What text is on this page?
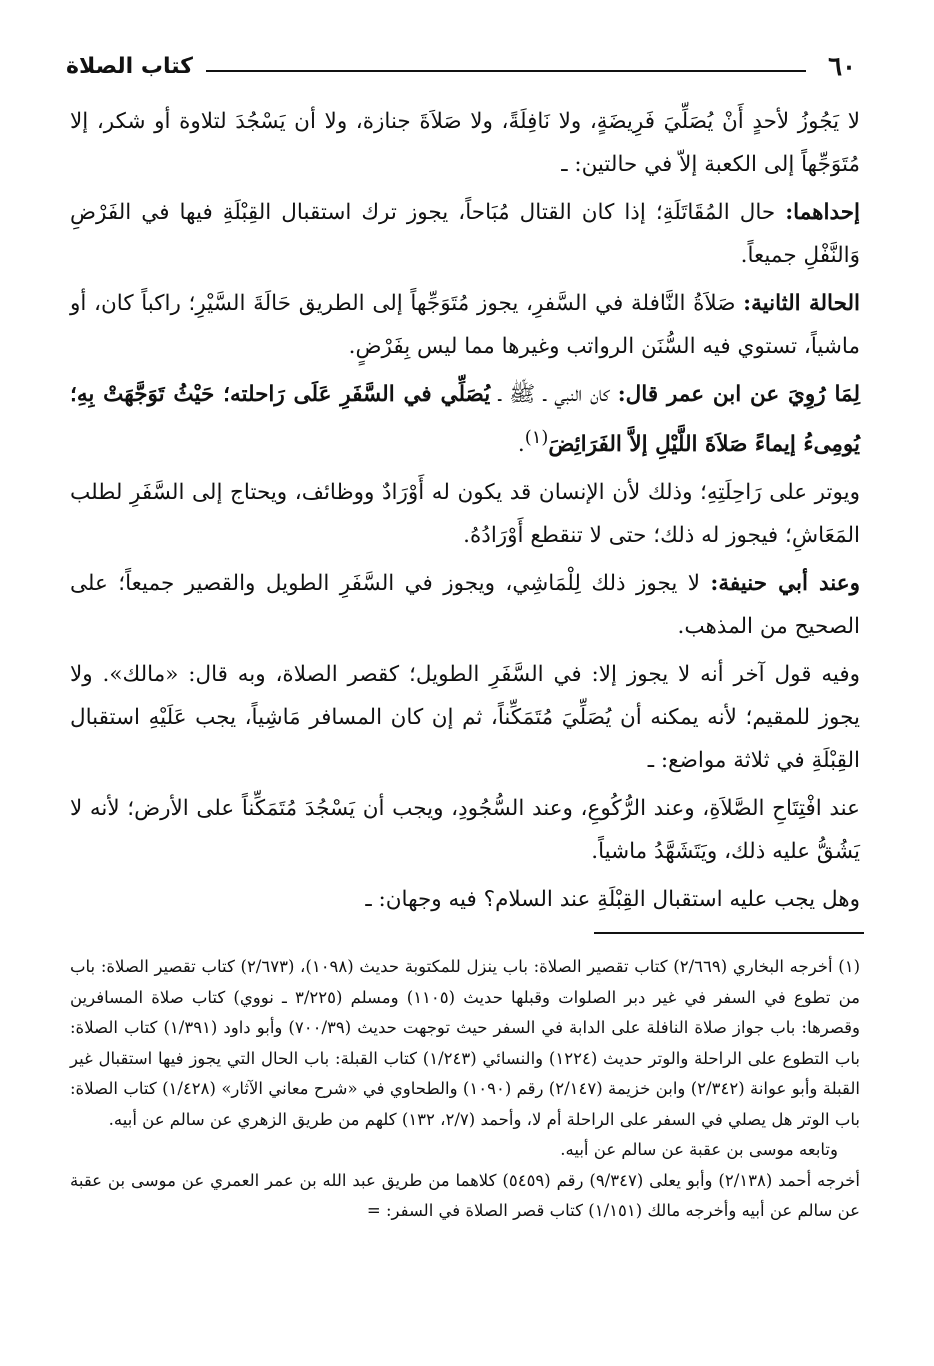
٦٠
كتاب الصلاة

لا يَجُوزُ لأحدٍ أَنْ يُصَلِّيَ فَرِيضَةٍ، ولا نَافِلَةً، ولا صَلاَةَ جنازة، ولا أن يَسْجُدَ لتلاوة أو شكر، إلا مُتَوَجِّهاً إلى الكعبة إلاّ في حالتين: ـ

إحداهما: حال المُقَاتَلَةِ؛ إذا كان القتال مُبَاحاً، يجوز ترك استقبال القِبْلَةِ فيها في الفَرْضِ وَالنَّفْلِ جميعاً.

الحالة الثانية: صَلاَةُ النَّافلة في السَّفرِ، يجوز مُتَوَجِّهاً إلى الطريق حَالَةَ السَّيْرِ؛ راكباً كان، أو ماشياً، تستوي فيه السُّنَن الرواتب وغيرها مما ليس بِفَرْضٍ.

لِمَا رُوِيَ عن ابن عمر قال: كان النبي ـ ﷺ ـ يُصَلِّي في السَّفَرِ عَلَى رَاحلته؛ حَيْثُ تَوَجَّهَتْ بِهِ؛ يُومِىءُ إيماءً صَلاَةَ اللَّيْلِ إلاَّ الفَرَائِضَ$^{(١)}$.

ويوتر على رَاحِلَتِهِ؛ وذلك لأن الإنسان قد يكون له أَوْرَادٌ ووظائف، ويحتاج إلى السَّفَرِ لطلب المَعَاشِ؛ فيجوز له ذلك؛ حتى لا تنقطع أَوْرَادُهُ.

وعند أبي حنيفة: لا يجوز ذلك لِلْمَاشِي، ويجوز في السَّفَرِ الطويل والقصير جميعاً؛ على الصحيح من المذهب.

وفيه قول آخر أنه لا يجوز إلا: في السَّفَرِ الطويل؛ كقصر الصلاة، وبه قال: «مالك». ولا يجوز للمقيم؛ لأنه يمكنه أن يُصَلِّيَ مُتَمَكِّناً، ثم إن كان المسافر مَاشِياً، يجب عَلَيْهِ استقبال القِبْلَةِ في ثلاثة مواضع: ـ

عند افْتِتَاحِ الصَّلاَةِ، وعند الرُّكُوعِ، وعند السُّجُودِ، ويجب أن يَسْجُدَ مُتَمَكِّناً على الأرض؛ لأنه لا يَشُقُّ عليه ذلك، ويَتَشَهَّدُ ماشياً.

وهل يجب عليه استقبال القِبْلَةِ عند السلام؟ فيه وجهان: ـ

(١) أخرجه البخاري (٢/٦٦٩) كتاب تقصير الصلاة: باب ينزل للمكتوبة حديث (١٠٩٨)، (٢/٦٧٣) كتاب تقصير الصلاة: باب من تطوع في السفر في غير دبر الصلوات وقبلها حديث (١١٠٥) ومسلم (٣/٢٢٥ ـ نووي) كتاب صلاة المسافرين وقصرها: باب جواز صلاة النافلة على الدابة في السفر حيث توجهت حديث (٧٠٠/٣٩) وأبو داود (١/٣٩١) كتاب الصلاة: باب التطوع على الراحلة والوتر حديث (١٢٢٤) والنسائي (١/٢٤٣) كتاب القبلة: باب الحال التي يجوز فيها استقبال غير القبلة وأبو عوانة (٢/٣٤٢) وابن خزيمة (٢/١٤٧) رقم (١٠٩٠) والطحاوي في «شرح معاني الآثار» (١/٤٢٨) كتاب الصلاة: باب الوتر هل يصلي في السفر على الراحلة أم لا، وأحمد (٢/٧، ١٣٢) كلهم من طريق الزهري عن سالم عن أبيه.

وتابعه موسى بن عقبة عن سالم عن أبيه.

أخرجه أحمد (٢/١٣٨) وأبو يعلى (٩/٣٤٧) رقم (٥٤٥٩) كلاهما من طريق عبد الله بن عمر العمري عن موسى بن عقبة عن سالم عن أبيه وأخرجه مالك (١/١٥١) كتاب قصر الصلاة في السفر: =
